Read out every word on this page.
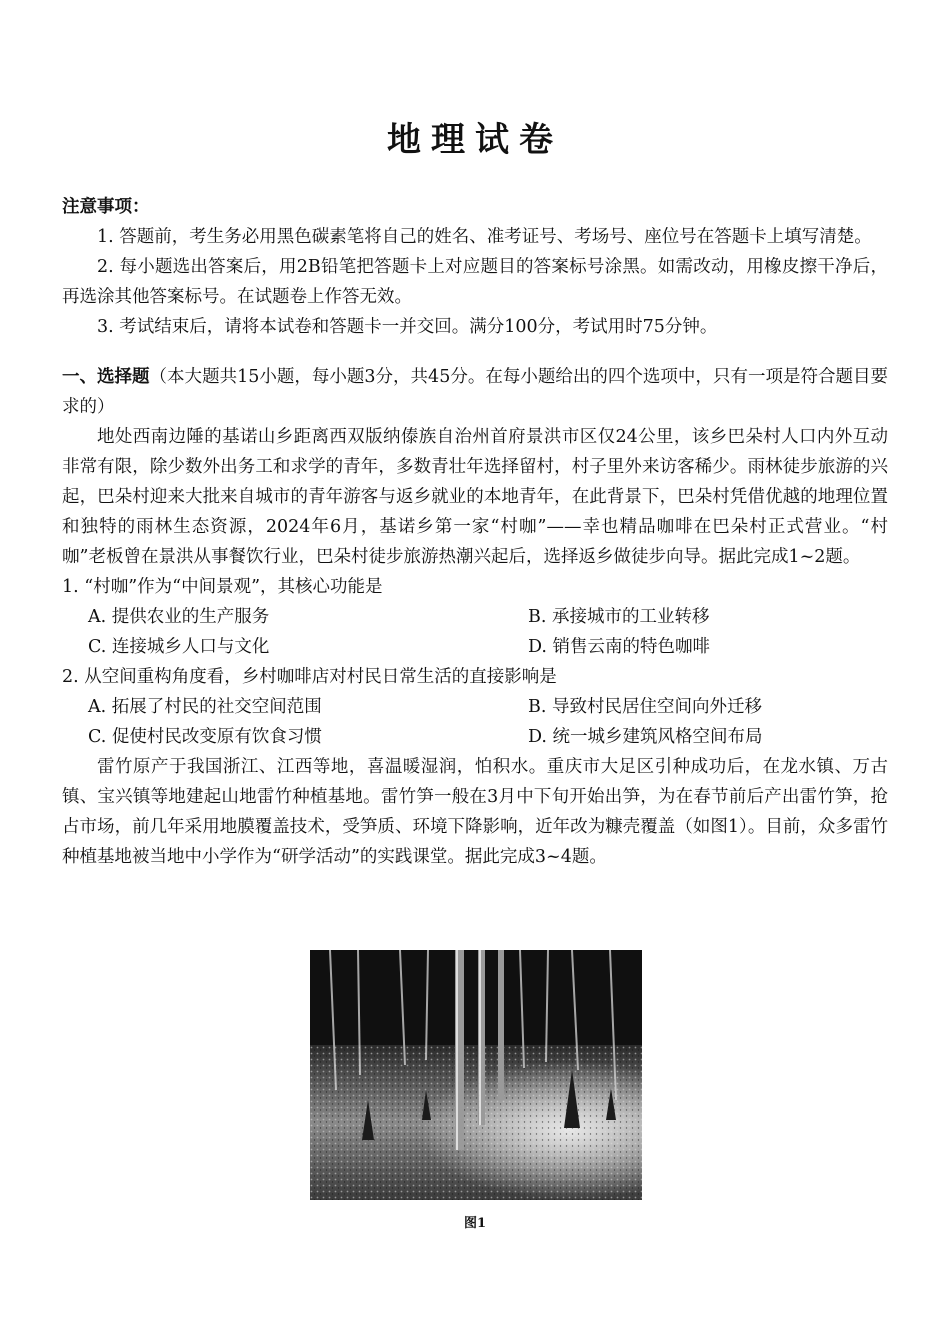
地理试卷

注意事项：

1. 答题前，考生务必用黑色碳素笔将自己的姓名、准考证号、考场号、座位号在答题卡上填写清楚。

2. 每小题选出答案后，用2B铅笔把答题卡上对应题目的答案标号涂黑。如需改动，用橡皮擦干净后，再选涂其他答案标号。在试题卷上作答无效。

3. 考试结束后，请将本试卷和答题卡一并交回。满分100分，考试用时75分钟。

一、选择题（本大题共15小题，每小题3分，共45分。在每小题给出的四个选项中，只有一项是符合题目要求的）

地处西南边陲的基诺山乡距离西双版纳傣族自治州首府景洪市区仅24公里，该乡巴朵村人口内外互动非常有限，除少数外出务工和求学的青年，多数青壮年选择留村，村子里外来访客稀少。雨林徒步旅游的兴起，巴朵村迎来大批来自城市的青年游客与返乡就业的本地青年，在此背景下，巴朵村凭借优越的地理位置和独特的雨林生态资源，2024年6月，基诺乡第一家“村咖”——幸也精品咖啡在巴朵村正式营业。“村咖”老板曾在景洪从事餐饮行业，巴朵村徒步旅游热潮兴起后，选择返乡做徒步向导。据此完成1~2题。

1. “村咖”作为“中间景观”，其核心功能是

A. 提供农业的生产服务	B. 承接城市的工业转移

C. 连接城乡人口与文化	D. 销售云南的特色咖啡

2. 从空间重构角度看，乡村咖啡店对村民日常生活的直接影响是

A. 拓展了村民的社交空间范围	B. 导致村民居住空间向外迁移

C. 促使村民改变原有饮食习惯	D. 统一城乡建筑风格空间布局

雷竹原产于我国浙江、江西等地，喜温暖湿润，怕积水。重庆市大足区引种成功后，在龙水镇、万古镇、宝兴镇等地建起山地雷竹种植基地。雷竹笋一般在3月中下旬开始出笋，为在春节前后产出雷竹笋，抢占市场，前几年采用地膜覆盖技术，受笋质、环境下降影响，近年改为糠壳覆盖（如图1）。目前，众多雷竹种植基地被当地中小学作为“研学活动”的实践课堂。据此完成3~4题。

图1
